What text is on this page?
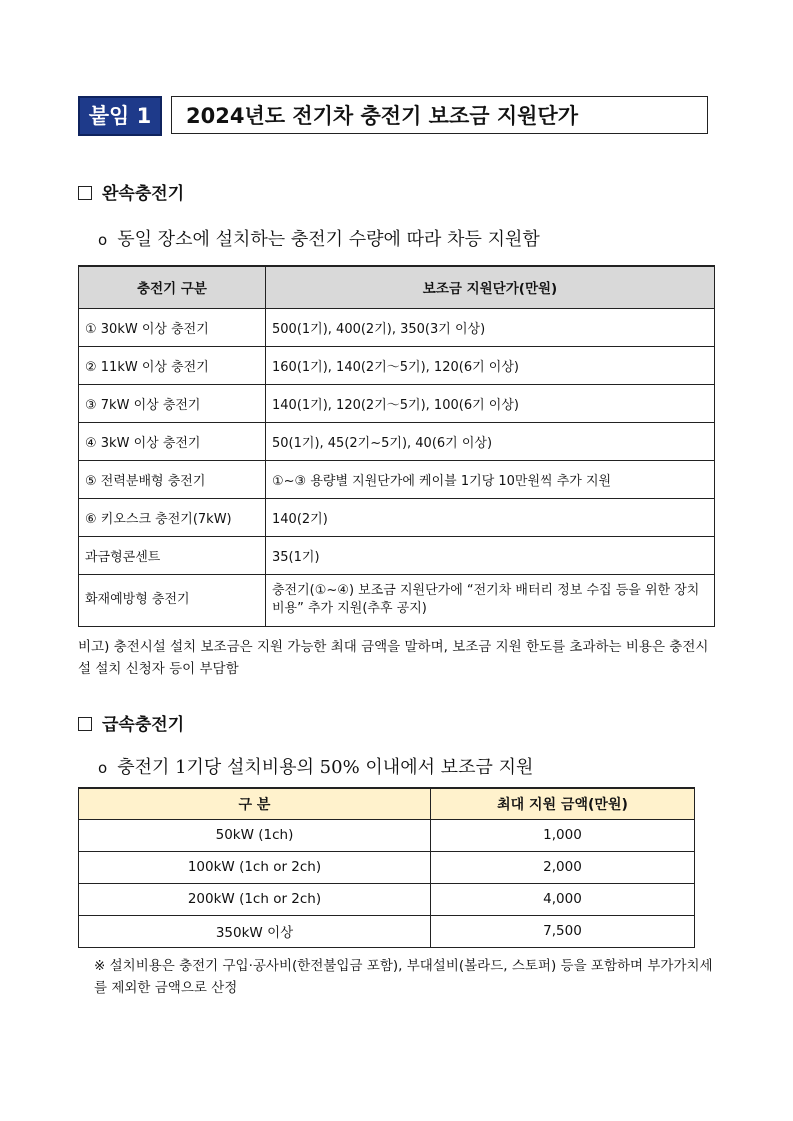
붙임 1	2024년도 전기차 충전기 보조금 지원단가
완속충전기
o 동일 장소에 설치하는 충전기 수량에 따라 차등 지원함
충전기 구분	보조금 지원단가(만원)
① 30kW 이상 충전기	500(1기), 400(2기), 350(3기 이상)
② 11kW 이상 충전기	160(1기), 140(2기～5기), 120(6기 이상)
③ 7kW 이상 충전기	140(1기), 120(2기～5기), 100(6기 이상)
④ 3kW 이상 충전기	50(1기), 45(2기~5기), 40(6기 이상)
⑤ 전력분배형 충전기	①~③ 용량별 지원단가에 케이블 1기당 10만원씩 추가 지원
⑥ 키오스크 충전기(7kW)	140(2기)
과금형콘센트	35(1기)
화재예방형 충전기	충전기(①~④) 보조금 지원단가에 “전기차 배터리 정보 수집 등을 위한 장치 비용” 추가 지원(추후 공지)
비고) 충전시설 설치 보조금은 지원 가능한 최대 금액을 말하며, 보조금 지원 한도를 초과하는 비용은 충전시설 설치 신청자 등이 부담함
급속충전기
o 충전기 1기당 설치비용의 50% 이내에서 보조금 지원
구 분	최대 지원 금액(만원)
50kW (1ch)	1,000
100kW (1ch or 2ch)	2,000
200kW (1ch or 2ch)	4,000
350kW 이상	7,500
※ 설치비용은 충전기 구입·공사비(한전불입금 포함), 부대설비(볼라드, 스토퍼) 등을 포함하며 부가가치세를 제외한 금액으로 산정
